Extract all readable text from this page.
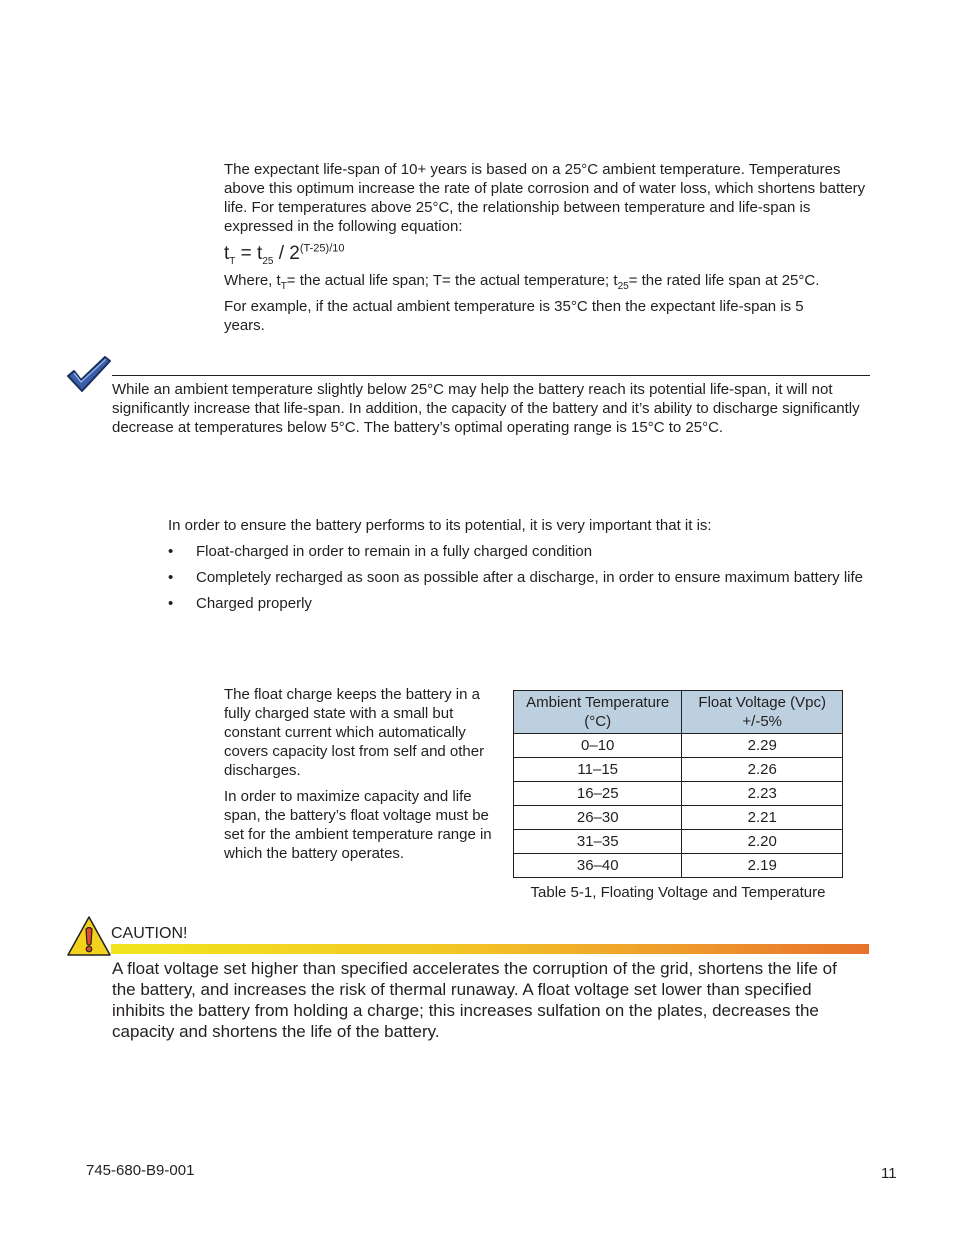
The expectant life-span of 10+ years is based on a 25°C ambient temperature. Temperatures above this optimum increase the rate of plate corrosion and of water loss, which shortens battery life. For temperatures above 25°C, the relationship between temperature and life-span is expressed in the following equation:

$t_T = t_{25} / 2^{(T-25)/10}$

Where, $t_T=$ the actual life span; T= the actual temperature; $t_{25}=$ the rated life span at 25°C.

For example, if the actual ambient temperature is 35°C then the expectant life-span is 5 years.

While an ambient temperature slightly below 25°C may help the battery reach its potential life-span, it will not significantly increase that life-span. In addition, the capacity of the battery and it’s ability to discharge significantly decrease at temperatures below 5°C. The battery’s optimal operating range is 15°C to 25°C.

In order to ensure the battery performs to its potential, it is very important that it is:

• Float-charged in order to remain in a fully charged condition
• Completely recharged as soon as possible after a discharge, in order to ensure maximum battery life
• Charged properly

The float charge keeps the battery in a fully charged state with a small but constant current which automatically covers capacity lost from self and other discharges.

In order to maximize capacity and life span, the battery’s float voltage must be set for the ambient temperature range in which the battery operates.

Ambient Temperature (°C)	Float Voltage (Vpc) +/-5%
0–10	2.29
11–15	2.26
16–25	2.23
26–30	2.21
31–35	2.20
36–40	2.19

Table 5-1, Floating Voltage and Temperature

CAUTION!

A float voltage set higher than specified accelerates the corruption of the grid, shortens the life of the battery, and increases the risk of thermal runaway. A float voltage set lower than specified inhibits the battery from holding a charge; this increases sulfation on the plates, decreases the capacity and shortens the life of the battery.

745-680-B9-001	11
